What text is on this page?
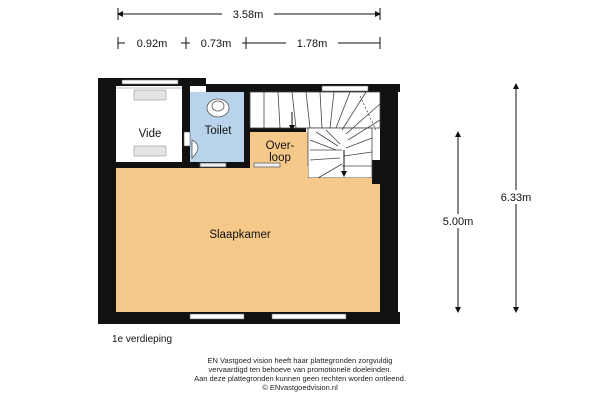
3.58m
0.92m	0.73m	1.78m
5.00m
6.33m
Vide	Toilet
Over-
loop
Slaapkamer
1e verdieping
EN Vastgoed vision heeft haar plattegronden zorgvuldig
vervaardigd ten behoeve van promotionele doeleinden.
Aan deze plattegronden kunnen geen rechten worden ontleend.
© ENvastgoedvision.nl
